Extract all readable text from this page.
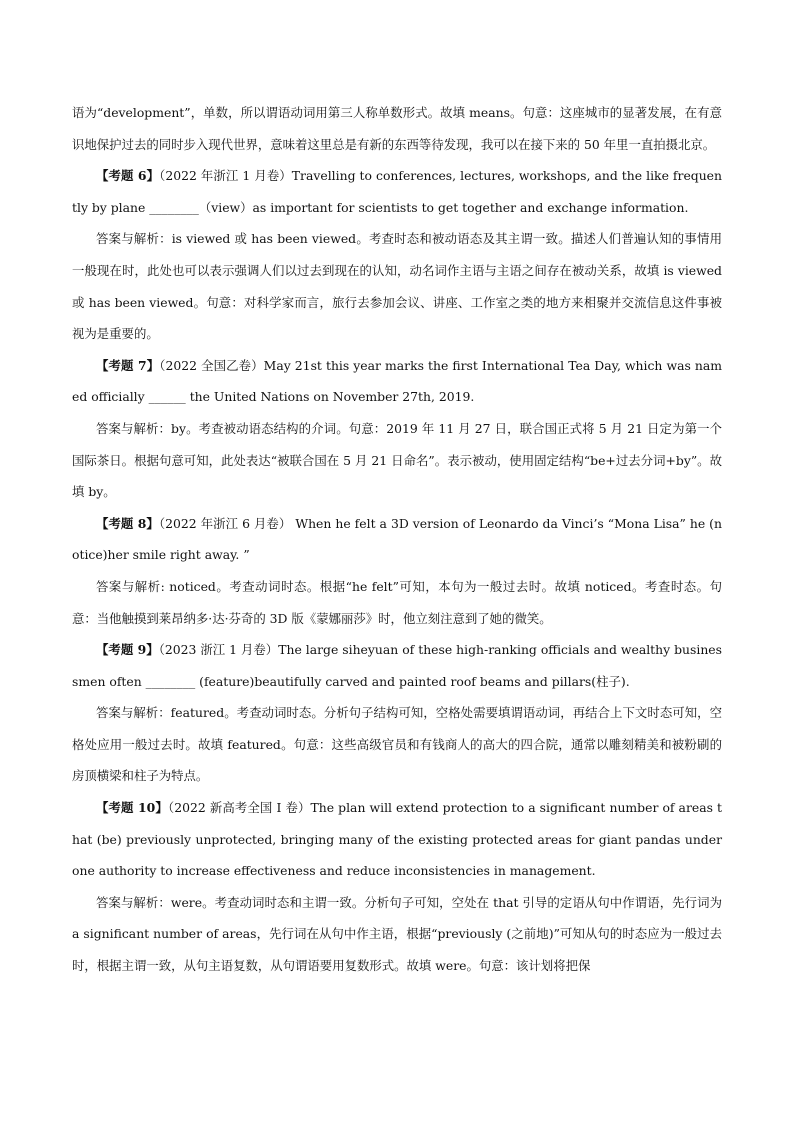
语为“development”，单数，所以谓语动词用第三人称单数形式。故填 means。句意：这座城市的显著发展，在有意识地保护过去的同时步入现代世界，意味着这里总是有新的东西等待发现，我可以在接下来的 50 年里一直拍摄北京。

【考题 6】（2022 年浙江 1 月卷）Travelling to conferences, lectures, workshops, and the like frequently by plane ________（view）as important for scientists to get together and exchange information.

答案与解析：is viewed 或 has been viewed。考查时态和被动语态及其主谓一致。描述人们普遍认知的事情用一般现在时，此处也可以表示强调人们以过去到现在的认知，动名词作主语与主语之间存在被动关系，故填 is viewed 或 has been viewed。句意：对科学家而言，旅行去参加会议、讲座、工作室之类的地方来相聚并交流信息这件事被视为是重要的。

【考题 7】（2022 全国乙卷）May 21st this year marks the first International Tea Day, which was named officially ______ the United Nations on November 27th, 2019.

答案与解析：by。考查被动语态结构的介词。句意：2019 年 11 月 27 日，联合国正式将 5 月 21 日定为第一个国际茶日。根据句意可知，此处表达“被联合国在 5 月 21 日命名”。表示被动，使用固定结构“be+过去分词+by”。故填 by。

【考题 8】（2022 年浙江 6 月卷） When he felt a 3D version of Leonardo da Vinci’s “Mona Lisa” he (notice)her smile right away. ”

答案与解析: noticed。考查动词时态。根据“he felt”可知，本句为一般过去时。故填 noticed。考查时态。句意：当他触摸到莱昂纳多·达·芬奇的 3D 版《蒙娜丽莎》时，他立刻注意到了她的微笑。

【考题 9】（2023 浙江 1 月卷）The large siheyuan of these high-ranking officials and wealthy businessmen often ________ (feature)beautifully carved and painted roof beams and pillars(柱子).

答案与解析：featured。考查动词时态。分析句子结构可知，空格处需要填谓语动词，再结合上下文时态可知，空格处应用一般过去时。故填 featured。句意：这些高级官员和有钱商人的高大的四合院，通常以雕刻精美和被粉刷的房顶横梁和柱子为特点。

【考题 10】（2022 新高考全国 I 卷）The plan will extend protection to a significant number of areas that (be) previously unprotected, bringing many of the existing protected areas for giant pandas under one authority to increase effectiveness and reduce inconsistencies in management.

答案与解析：were。考查动词时态和主谓一致。分析句子可知，空处在 that 引导的定语从句中作谓语，先行词为 a significant number of areas，先行词在从句中作主语，根据“previously (之前地)”可知从句的时态应为一般过去时，根据主谓一致，从句主语复数，从句谓语要用复数形式。故填 were。句意：该计划将把保
